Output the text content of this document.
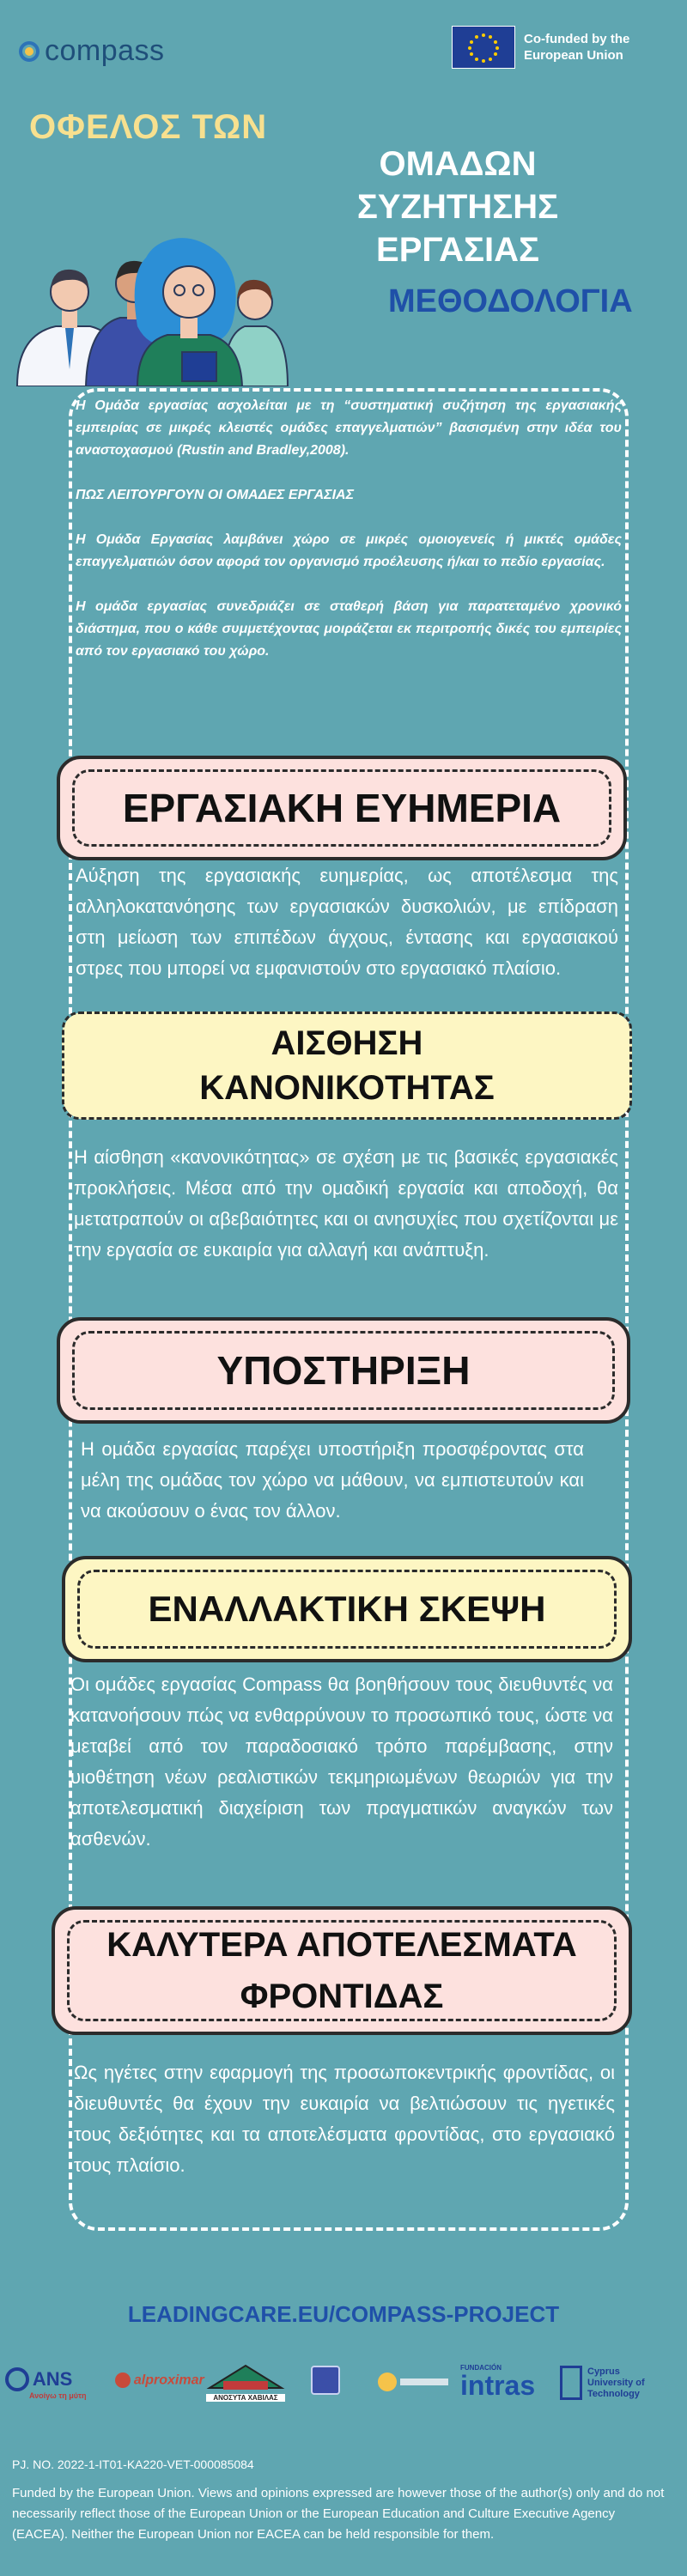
compass	Co-funded by the European Union
ΟΦΕΛΟΣ ΤΩΝ
ΟΜΑΔΩΝ
ΣΥΖΗΤΗΣΗΣ
ΕΡΓΑΣΙΑΣ
ΜΕΘΟΔΟΛΟΓΙΑ

Η Ομάδα εργασίας ασχολείται με τη “συστηματική συζήτηση της εργασιακής εμπειρίας σε μικρές κλειστές ομάδες επαγγελματιών” βασισμένη στην ιδέα του αναστοχασμού (Rustin and Bradley,2008).

ΠΩΣ ΛΕΙΤΟΥΡΓΟΥΝ ΟΙ ΟΜΑΔΕΣ ΕΡΓΑΣΙΑΣ

Η Ομάδα Εργασίας λαμβάνει χώρο σε μικρές ομοιογενείς ή μικτές ομάδες επαγγελματιών όσον αφορά τον οργανισμό προέλευσης ή/και το πεδίο εργασίας.

Η ομάδα εργασίας συνεδριάζει σε σταθερή βάση για παρατεταμένο χρονικό διάστημα, που ο κάθε συμμετέχοντας μοιράζεται εκ περιτροπής δικές του εμπειρίες από τον εργασιακό του χώρο.

ΕΡΓΑΣΙΑΚΗ ΕΥΗΜΕΡΙΑ
Αύξηση της εργασιακής ευημερίας, ως αποτέλεσμα της αλληλοκατανόησης των εργασιακών δυσκολιών, με επίδραση στη μείωση των επιπέδων άγχους, έντασης και εργασιακού στρες που μπορεί να εμφανιστούν στο εργασιακό πλαίσιο.
ΑΙΣΘΗΣΗ
ΚΑΝΟΝΙΚΟΤΗΤΑΣ
Η αίσθηση «κανονικότητας» σε σχέση με τις βασικές εργασιακές προκλήσεις. Μέσα από την ομαδική εργασία και αποδοχή, θα μετατραπούν οι αβεβαιότητες και οι ανησυχίες που σχετίζονται με την εργασία σε ευκαιρία για αλλαγή και ανάπτυξη.
ΥΠΟΣΤΗΡΙΞΗ
Η ομάδα εργασίας παρέχει υποστήριξη προσφέροντας στα μέλη της ομάδας τον χώρο να μάθουν, να εμπιστευτούν και να ακούσουν ο ένας τον άλλον.
ΕΝΑΛΛΑΚΤΙΚΗ ΣΚΕΨΗ
Οι ομάδες εργασίας Compass θα βοηθήσουν τους διευθυντές να κατανοήσουν πώς να ενθαρρύνουν το προσωπικό τους, ώστε να μεταβεί από τον παραδοσιακό τρόπο παρέμβασης, στην υιοθέτηση νέων ρεαλιστικών τεκμηριωμένων θεωριών για την αποτελεσματική διαχείριση των πραγματικών αναγκών των ασθενών.
ΚΑΛΥΤΕΡΑ ΑΠΟΤΕΛΕΣΜΑΤΑ
ΦΡΟΝΤΙΔΑΣ
Ως ηγέτες στην εφαρμογή της προσωποκεντρικής φροντίδας, οι διευθυντές θα έχουν την ευκαιρία να βελτιώσουν τις ηγετικές τους δεξιότητες και τα αποτελέσματα φροντίδας, στο εργασιακό τους πλαίσιο.
LEADINGCARE.EU/COMPASS-PROJECT
ANS
Ανοίγω τη μύτη
alproximar
ΑΝΟΣΥΤΑ ΧΑΒΙΛΑΣ

FUNDACIÓN
intras	Cyprus University of Technology
PJ. NO. 2022-1-IT01-KA220-VET-000085084
Funded by the European Union. Views and opinions expressed are however those of the author(s) only and do not necessarily reflect those of the European Union or the European Education and Culture Executive Agency (EACEA). Neither the European Union nor EACEA can be held responsible for them.
